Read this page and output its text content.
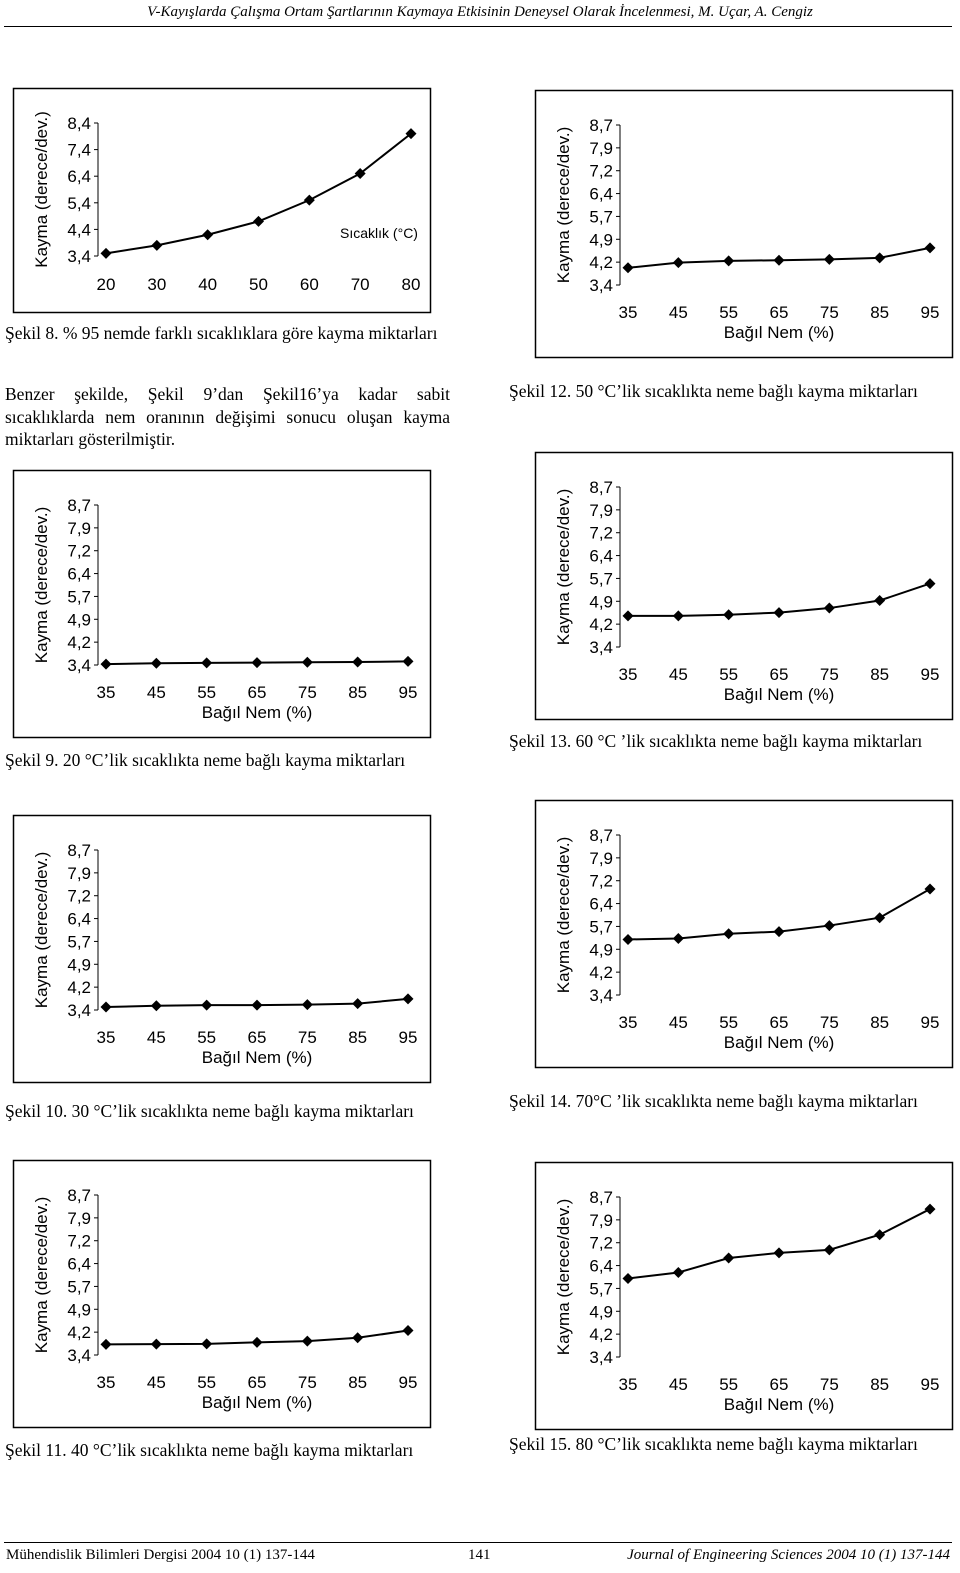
V-Kayışlarda Çalışma Ortam Şartlarının Kaymaya Etkisinin Deneysel Olarak İncelenmesi, M. Uçar, A. Cengiz
8,4
7,4
6,4
5,4
4,4
3,4
Kayma (derece/dev.)
20 30 40 50 60 70 80
Sıcaklık (°C)
Şekil 8. % 95 nemde farklı sıcaklıklara göre kayma miktarları
Benzer şekilde, Şekil 9’dan Şekil16’ya kadar sabit sıcaklıklarda nem oranının değişimi sonucu oluşan kayma miktarları gösterilmiştir.
8,7
7,9
7,2
6,4
5,7
4,9
4,2
3,4
Kayma (derece/dev.)
35 45 55 65 75 85 95
Bağıl Nem (%)
Şekil 9. 20 °C’lik sıcaklıkta neme bağlı kayma miktarları
8,7
7,9
7,2
6,4
5,7
4,9
4,2
3,4
Kayma (derece/dev.)
35 45 55 65 75 85 95
Bağıl Nem (%)
Şekil 10. 30 °C’lik sıcaklıkta neme bağlı kayma miktarları
8,7
7,9
7,2
6,4
5,7
4,9
4,2
3,4
Kayma (derece/dev.)
35 45 55 65 75 85 95
Bağıl Nem (%)
Şekil 11. 40 °C’lik sıcaklıkta neme bağlı kayma miktarları
8,7
7,9
7,2
6,4
5,7
4,9
4,2
3,4
Kayma (derece/dev.)
35 45 55 65 75 85 95
Bağıl Nem (%)
Şekil 12. 50 °C’lik sıcaklıkta neme bağlı kayma miktarları
8,7
7,9
7,2
6,4
5,7
4,9
4,2
3,4
Kayma (derece/dev.)
35 45 55 65 75 85 95
Bağıl Nem (%)
Şekil 13. 60 °C ’lik sıcaklıkta neme bağlı kayma miktarları
8,7
7,9
7,2
6,4
5,7
4,9
4,2
3,4
Kayma (derece/dev.)
35 45 55 65 75 85 95
Bağıl Nem (%)
Şekil 14. 70°C ’lik sıcaklıkta neme bağlı kayma miktarları
8,7
7,9
7,2
6,4
5,7
4,9
4,2
3,4
Kayma (derece/dev.)
35 45 55 65 75 85 95
Bağıl Nem (%)
Şekil 15. 80 °C’lik sıcaklıkta neme bağlı kayma miktarları
Mühendislik Bilimleri Dergisi 2004 10 (1) 137-144	141	Journal of Engineering Sciences 2004 10 (1) 137-144
